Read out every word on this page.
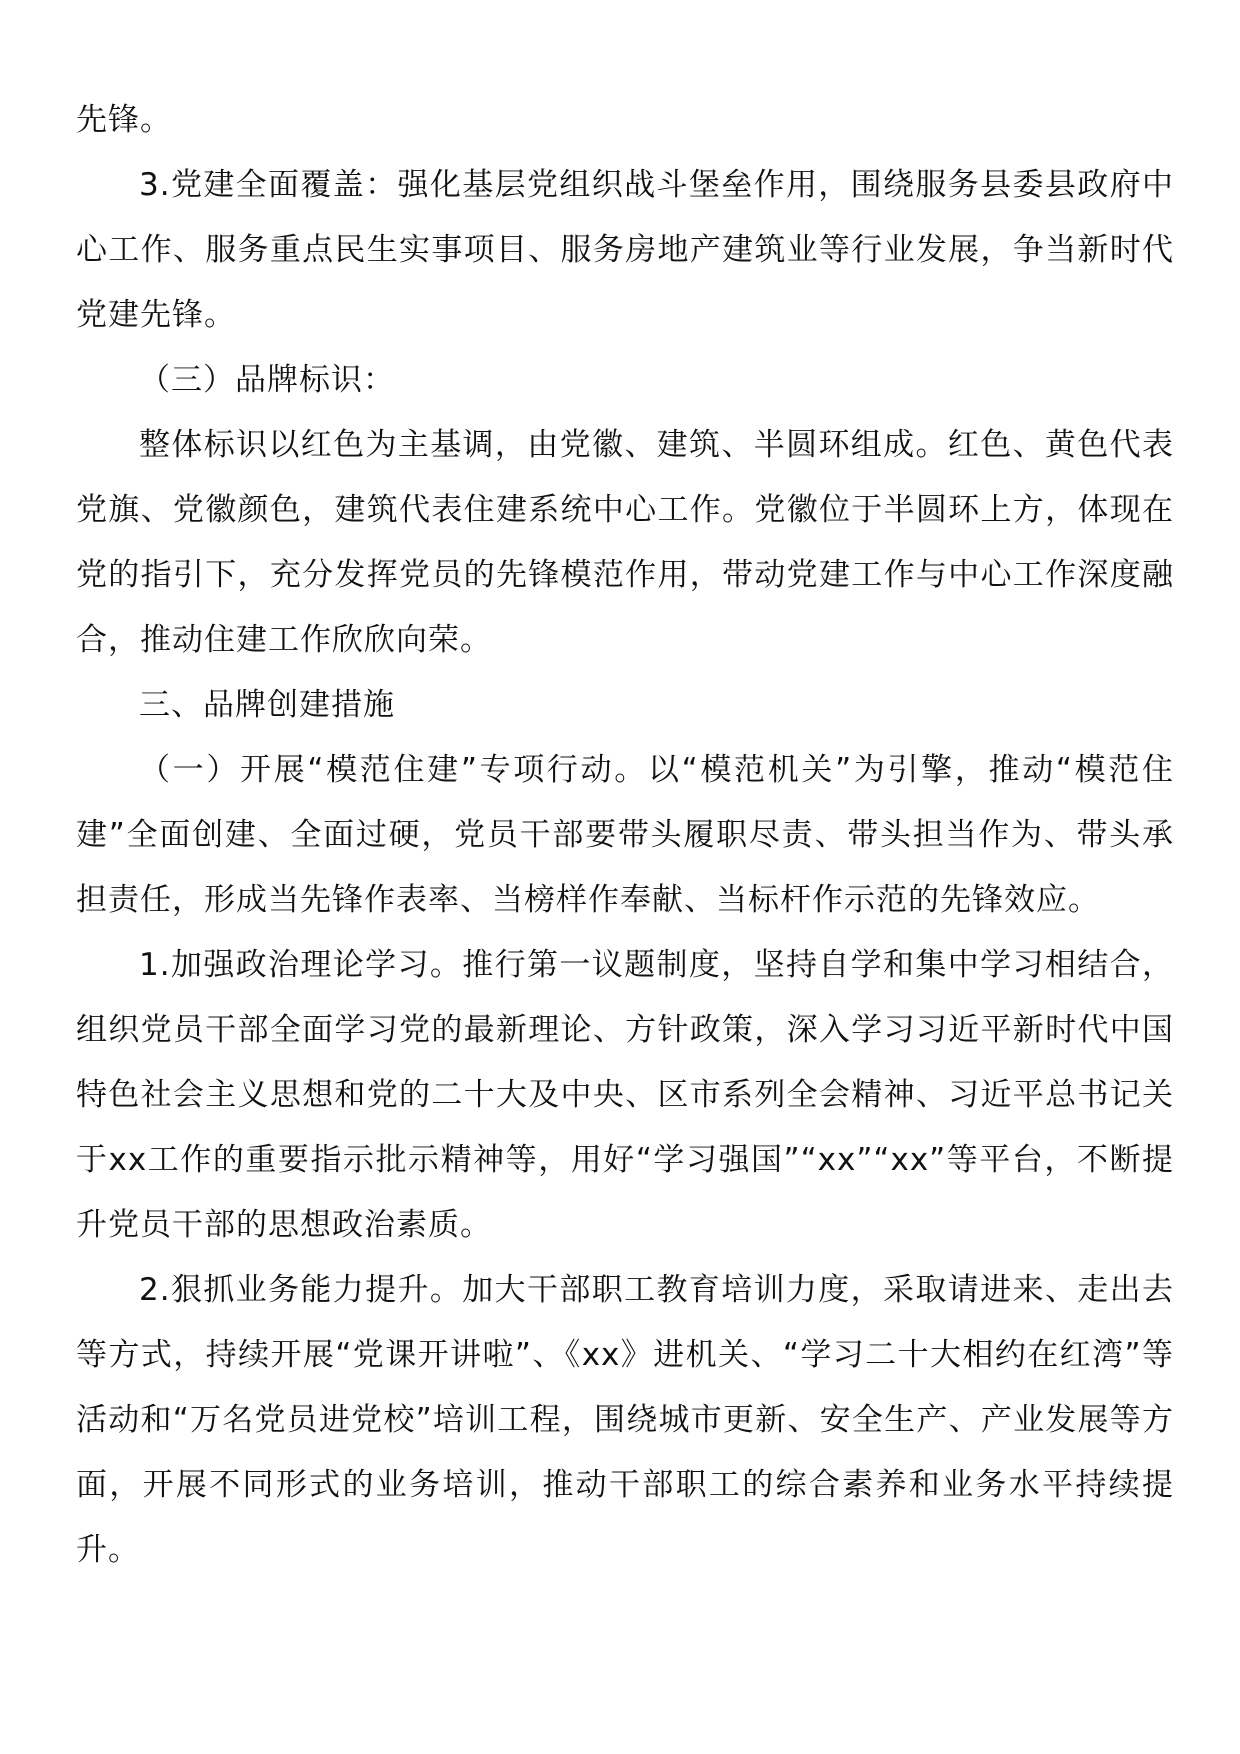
先锋。

3.党建全面覆盖：强化基层党组织战斗堡垒作用，围绕服务县委县政府中心工作、服务重点民生实事项目、服务房地产建筑业等行业发展，争当新时代党建先锋。

（三）品牌标识：

整体标识以红色为主基调，由党徽、建筑、半圆环组成。红色、黄色代表党旗、党徽颜色，建筑代表住建系统中心工作。党徽位于半圆环上方，体现在党的指引下，充分发挥党员的先锋模范作用，带动党建工作与中心工作深度融合，推动住建工作欣欣向荣。

三、品牌创建措施

（一）开展“模范住建”专项行动。以“模范机关”为引擎，推动“模范住建”全面创建、全面过硬，党员干部要带头履职尽责、带头担当作为、带头承担责任，形成当先锋作表率、当榜样作奉献、当标杆作示范的先锋效应。

1.加强政治理论学习。推行第一议题制度，坚持自学和集中学习相结合，组织党员干部全面学习党的最新理论、方针政策，深入学习习近平新时代中国特色社会主义思想和党的二十大及中央、区市系列全会精神、习近平总书记关于xx工作的重要指示批示精神等，用好“学习强国”“xx”“xx”等平台，不断提升党员干部的思想政治素质。

2.狠抓业务能力提升。加大干部职工教育培训力度，采取请进来、走出去等方式，持续开展“党课开讲啦”、《xx》进机关、“学习二十大相约在红湾”等活动和“万名党员进党校”培训工程，围绕城市更新、安全生产、产业发展等方面，开展不同形式的业务培训，推动干部职工的综合素养和业务水平持续提升。
